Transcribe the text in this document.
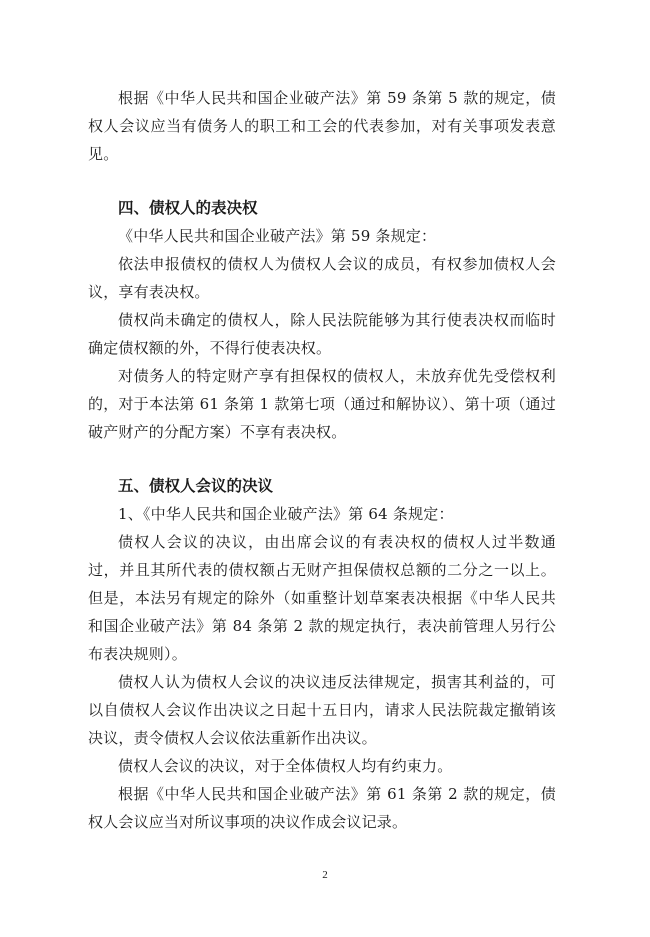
根据《中华人民共和国企业破产法》第 59 条第 5 款的规定，债权人会议应当有债务人的职工和工会的代表参加，对有关事项发表意见。

四、债权人的表决权

《中华人民共和国企业破产法》第 59 条规定：

依法申报债权的债权人为债权人会议的成员，有权参加债权人会议，享有表决权。

债权尚未确定的债权人，除人民法院能够为其行使表决权而临时确定债权额的外，不得行使表决权。

对债务人的特定财产享有担保权的债权人，未放弃优先受偿权利的，对于本法第 61 条第 1 款第七项（通过和解协议）、第十项（通过破产财产的分配方案）不享有表决权。

五、债权人会议的决议

1、《中华人民共和国企业破产法》第 64 条规定：

债权人会议的决议，由出席会议的有表决权的债权人过半数通过，并且其所代表的债权额占无财产担保债权总额的二分之一以上。但是，本法另有规定的除外（如重整计划草案表决根据《中华人民共和国企业破产法》第 84 条第 2 款的规定执行，表决前管理人另行公布表决规则）。

债权人认为债权人会议的决议违反法律规定，损害其利益的，可以自债权人会议作出决议之日起十五日内，请求人民法院裁定撤销该决议，责令债权人会议依法重新作出决议。

债权人会议的决议，对于全体债权人均有约束力。

根据《中华人民共和国企业破产法》第 61 条第 2 款的规定，债权人会议应当对所议事项的决议作成会议记录。

2
